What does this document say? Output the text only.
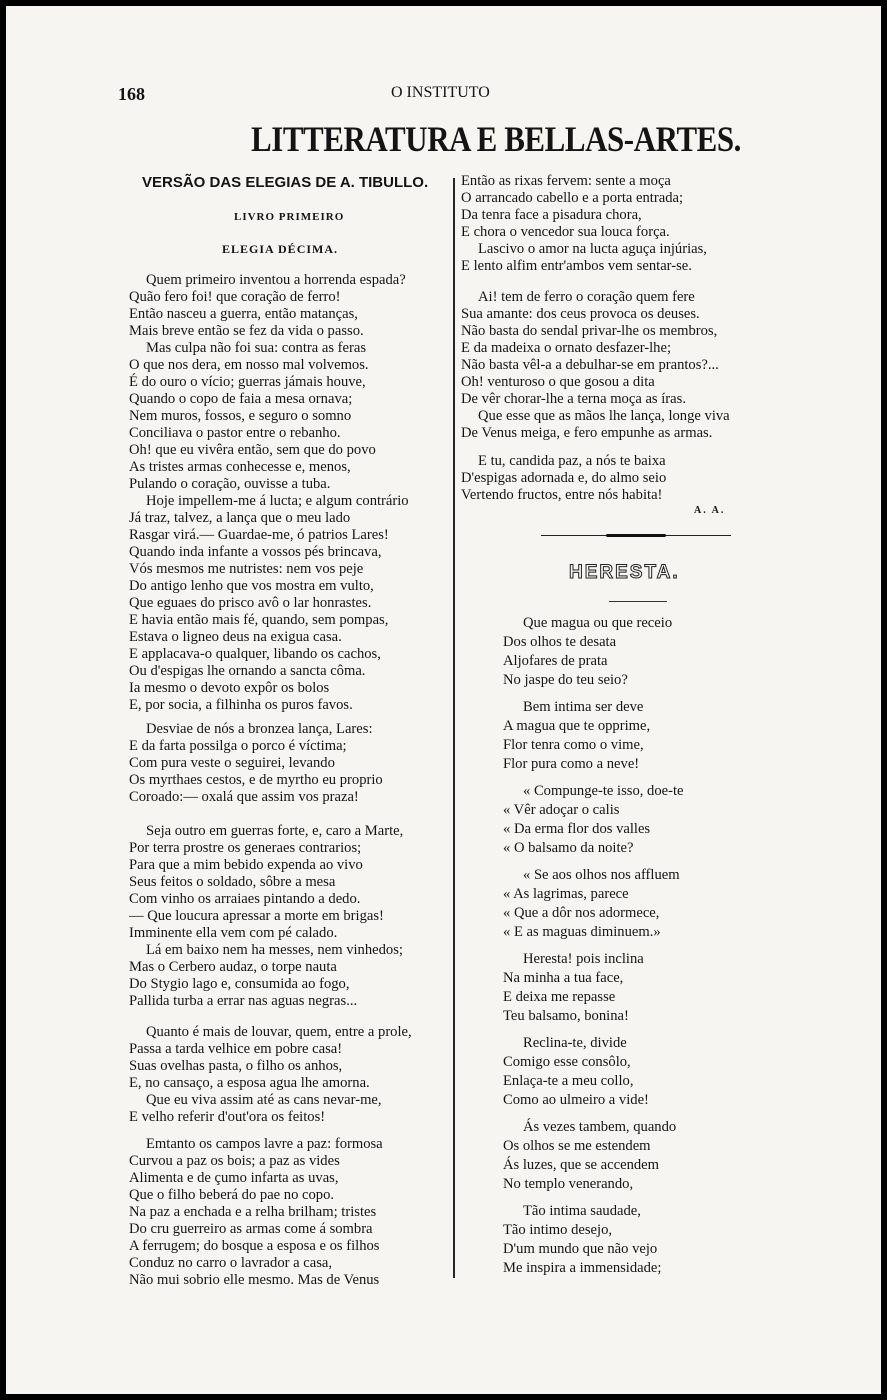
168	O INSTITUTO
LITTERATURA E BELLAS-ARTES.
VERSÃO DAS ELEGIAS DE A. TIBULLO.
LIVRO PRIMEIRO
ELEGIA DÉCIMA.
Quem primeiro inventou a horrenda espada?
Quão fero foi! que coração de ferro!
Então nasceu a guerra, então matanças,
Mais breve então se fez da vida o passo.
Mas culpa não foi sua: contra as feras
O que nos dera, em nosso mal volvemos.
É do ouro o vício; guerras jámais houve,
Quando o copo de faia a mesa ornava;
Nem muros, fossos, e seguro o somno
Conciliava o pastor entre o rebanho.
Oh! que eu vivêra então, sem que do povo
As tristes armas conhecesse e, menos,
Pulando o coração, ouvisse a tuba.
Hoje impellem-me á lucta; e algum contrário
Já traz, talvez, a lança que o meu lado
Rasgar virá.— Guardae-me, ó patrios Lares!
Quando inda infante a vossos pés brincava,
Vós mesmos me nutristes: nem vos peje
Do antigo lenho que vos mostra em vulto,
Que eguaes do prisco avô o lar honrastes.
E havia então mais fé, quando, sem pompas,
Estava o ligneo deus na exigua casa.
E applacava-o qualquer, libando os cachos,
Ou d'espigas lhe ornando a sancta côma.
Ia mesmo o devoto expôr os bolos
E, por socia, a filhinha os puros favos.
Desviae de nós a bronzea lança, Lares:
E da farta possilga o porco é víctima;
Com pura veste o seguirei, levando
Os myrthaes cestos, e de myrtho eu proprio
Coroado:— oxalá que assim vos praza!
Seja outro em guerras forte, e, caro a Marte,
Por terra prostre os generaes contrarios;
Para que a mim bebido expenda ao vivo
Seus feitos o soldado, sôbre a mesa
Com vinho os arraiaes pintando a dedo.
— Que loucura apressar a morte em brigas!
Imminente ella vem com pé calado.
Lá em baixo nem ha messes, nem vinhedos;
Mas o Cerbero audaz, o torpe nauta
Do Stygio lago e, consumida ao fogo,
Pallida turba a errar nas aguas negras...
Quanto é mais de louvar, quem, entre a prole,
Passa a tarda velhice em pobre casa!
Suas ovelhas pasta, o filho os anhos,
E, no cansaço, a esposa agua lhe amorna.
Que eu viva assim até as cans nevar-me,
E velho referir d'out'ora os feitos!
Emtanto os campos lavre a paz: formosa
Curvou a paz os bois; a paz as vides
Alimenta e de çumo infarta as uvas,
Que o filho beberá do pae no copo.
Na paz a enchada e a relha brilham; tristes
Do cru guerreiro as armas come á sombra
A ferrugem; do bosque a esposa e os filhos
Conduz no carro o lavrador a casa,
Não mui sobrio elle mesmo. Mas de Venus
Então as rixas fervem: sente a moça
O arrancado cabello e a porta entrada;
Da tenra face a pisadura chora,
E chora o vencedor sua louca força.
Lascivo o amor na lucta aguça injúrias,
E lento alfim entr'ambos vem sentar-se.
Ai! tem de ferro o coração quem fere
Sua amante: dos ceus provoca os deuses.
Não basta do sendal privar-lhe os membros,
E da madeixa o ornato desfazer-lhe;
Não basta vêl-a a debulhar-se em prantos?...
Oh! venturoso o que gosou a dita
De vêr chorar-lhe a terna moça as íras.
Que esse que as mãos lhe lança, longe viva
De Venus meiga, e fero empunhe as armas.
E tu, candida paz, a nós te baixa
D'espigas adornada e, do almo seio
Vertendo fructos, entre nós habita!
A. A.
HERESTA.
Que magua ou que receio
Dos olhos te desata
Aljofares de prata
No jaspe do teu seio?
Bem intima ser deve
A magua que te opprime,
Flor tenra como o vime,
Flor pura como a neve!
« Compunge-te isso, doe-te
« Vêr adoçar o calis
« Da erma flor dos valles
« O balsamo da noite?
« Se aos olhos nos affluem
« As lagrimas, parece
« Que a dôr nos adormece,
« E as maguas diminuem.»
Heresta! pois inclina
Na minha a tua face,
E deixa me repasse
Teu balsamo, bonina!
Reclina-te, divide
Comigo esse consôlo,
Enlaça-te a meu collo,
Como ao ulmeiro a vide!
Ás vezes tambem, quando
Os olhos se me estendem
Ás luzes, que se accendem
No templo venerando,
Tão intima saudade,
Tão intimo desejo,
D'um mundo que não vejo
Me inspira a immensidade;
